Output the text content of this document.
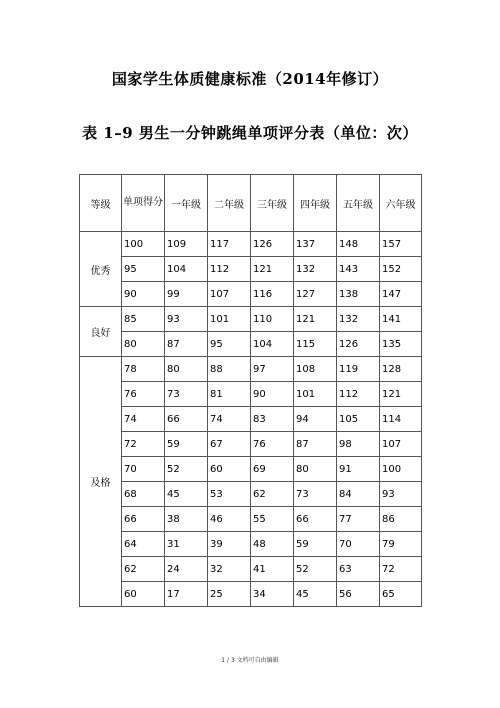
国家学生体质健康标准（2014年修订）
表 1–9 男生一分钟跳绳单项评分表（单位：次）
等级	单项得分	一年级	二年级	三年级	四年级	五年级	六年级
优秀	100	109	117	126	137	148	157
	95	104	112	121	132	143	152
	90	99	107	116	127	138	147
良好	85	93	101	110	121	132	141
	80	87	95	104	115	126	135
及格	78	80	88	97	108	119	128
	76	73	81	90	101	112	121
	74	66	74	83	94	105	114
	72	59	67	76	87	98	107
	70	52	60	69	80	91	100
	68	45	53	62	73	84	93
	66	38	46	55	66	77	86
	64	31	39	48	59	70	79
	62	24	32	41	52	63	72
	60	17	25	34	45	56	65
1 / 3 文档可自由编辑
